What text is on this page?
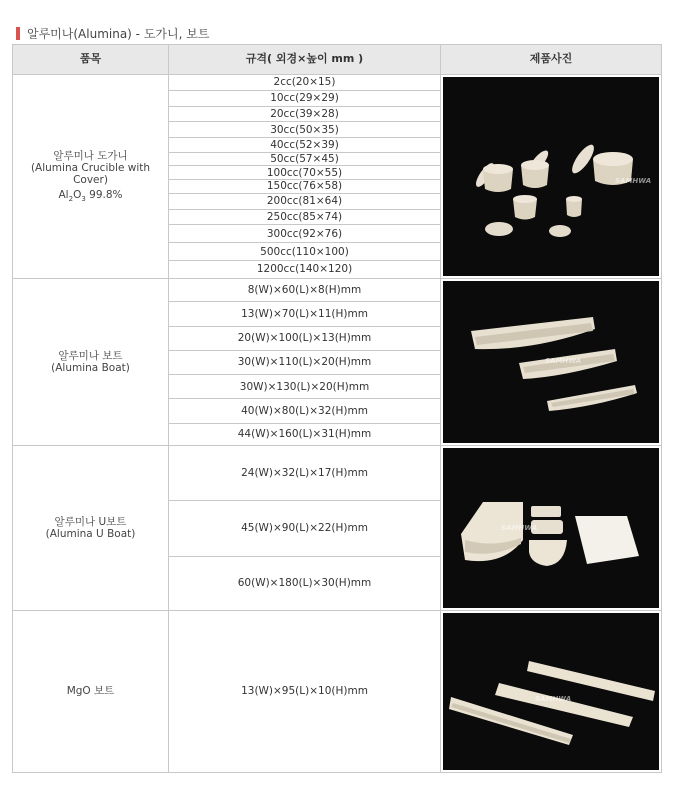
알루미나(Alumina) - 도가니, 보트
품목	규격( 외경×높이 mm )	제품사진

알루미나 도가니
(Alumina Crucible with Cover)
$Al_2O_3$ 99.8%	2cc(20×15)	SAMHWA

	10cc(29×29)	
	20cc(39×28)	
	30cc(50×35)	
	40cc(52×39)	
	50cc(57×45)	
	100cc(70×55)	
	150cc(76×58)	
	200cc(81×64)	
	250cc(85×74)	
	300cc(92×76)	
	500cc(110×100)	
	1200cc(140×120)	

알루미나 보트
(Alumina Boat)	8(W)×60(L)×8(H)mm	SAMHWA

	13(W)×70(L)×11(H)mm	
	20(W)×100(L)×13(H)mm	
	30(W)×110(L)×20(H)mm	
	30W)×130(L)×20(H)mm	
	40(W)×80(L)×32(H)mm	
	44(W)×160(L)×31(H)mm	

알루미나 U보트
(Alumina U Boat)	24(W)×32(L)×17(H)mm	SAMHWA

	45(W)×90(L)×22(H)mm	
	60(W)×180(L)×30(H)mm	

MgO 보트	13(W)×95(L)×10(H)mm	SAMHWA
